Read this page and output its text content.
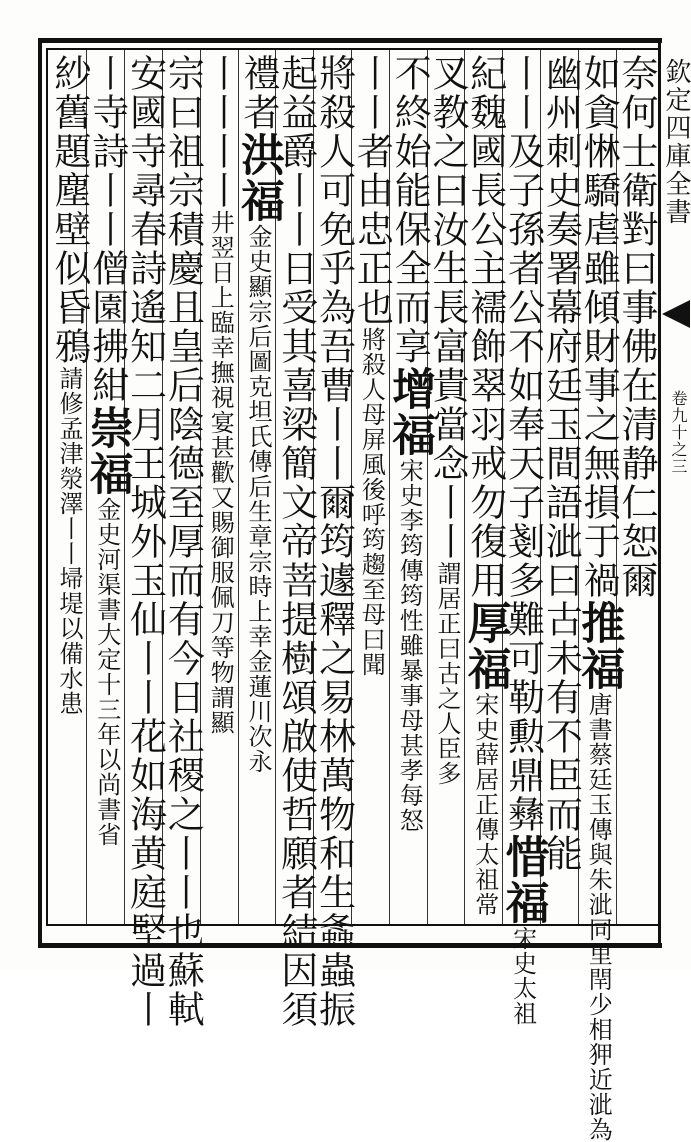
奈何士衛對曰事佛在清静仁恕爾
如貪惏驕虐雖傾財事之無損于禍推福唐書蔡廷玉傳與朱泚同里閈少相狎近泚為
幽州刺史奏署幕府廷玉間語泚曰古未有不臣而能
丨丨及子孫者公不如奉天子剗多難可勒勲鼎彝惜福宋史太祖
紀魏國長公主襦飾翠羽戒勿復用厚福宋史薛居正傳太祖常
叉教之曰汝生長富貴當念丨丨謂居正曰古之人臣多
不終始能保全而享增福宋史李筠傳筠性雖暴事母甚孝每怒
丨丨者由忠正也將殺人母屏風後呼筠趨至母曰聞
將殺人可免乎為吾曹丨丨爾筠遽釋之易林萬物和生螽蟲振
起益爵丨丨日受其喜梁簡文帝菩提樹頌啟使哲願者結因須
禮者洪福金史顯宗后圖克坦氏傳后生章宗時上幸金蓮川次永
丨丨丨丨井翌日上臨幸撫視宴甚歡又賜御服佩刀等物謂顯
宗曰祖宗積慶且皇后陰德至厚而有今日社稷之丨丨也蘇軾
安國寺尋春詩遙知二月王城外玉仙丨丨花如海黄庭堅過丨
丨寺詩丨丨僧園拂紺崇福金史河渠書大定十三年以尚書省
紗舊題塵壁似昏鴉請修孟津滎澤丨丨埽堤以備水患
欽定四庫全書
卷九十之三
